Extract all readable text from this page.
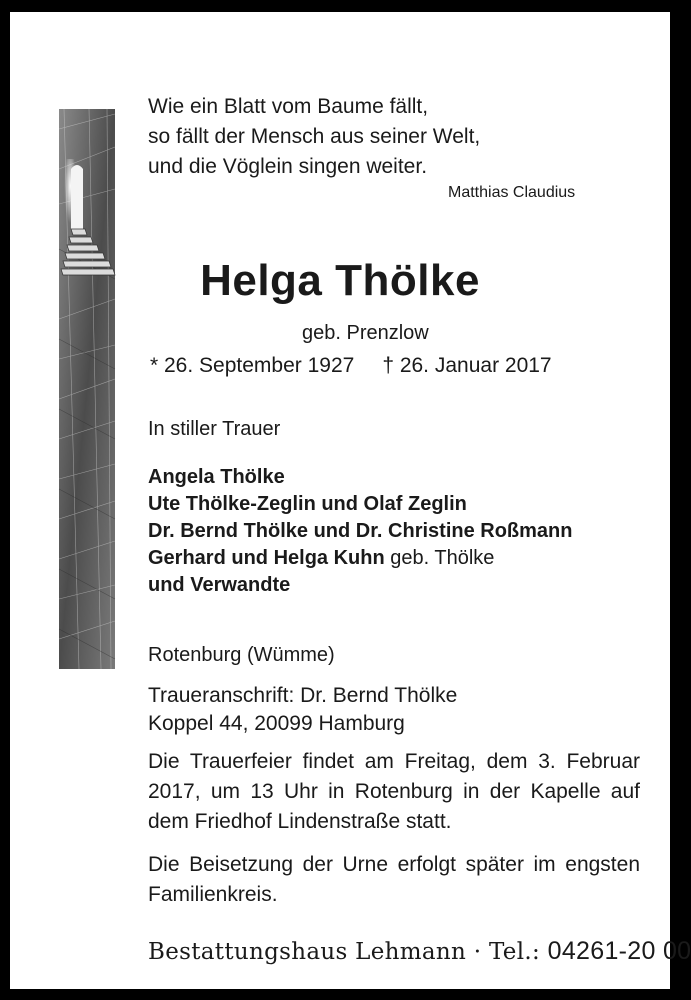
Wie ein Blatt vom Baume fällt,
so fällt der Mensch aus seiner Welt,
und die Vöglein singen weiter.
Matthias Claudius
Helga Thölke
geb. Prenzlow
* 26. September 1927 † 26. Januar 2017
In stiller Trauer
Angela Thölke
Ute Thölke-Zeglin und Olaf Zeglin
Dr. Bernd Thölke und Dr. Christine Roßmann
Gerhard und Helga Kuhn geb. Thölke
und Verwandte
Rotenburg (Wümme)
Traueranschrift: Dr. Bernd Thölke
Koppel 44, 20099 Hamburg
Die Trauerfeier findet am Freitag, dem 3. Februar 2017, um 13 Uhr in Rotenburg in der Kapelle auf dem Friedhof Lindenstraße statt.
Die Beisetzung der Urne erfolgt später im engsten Familienkreis.
Bestattungshaus Lehmann · Tel.: 04261-20 00
